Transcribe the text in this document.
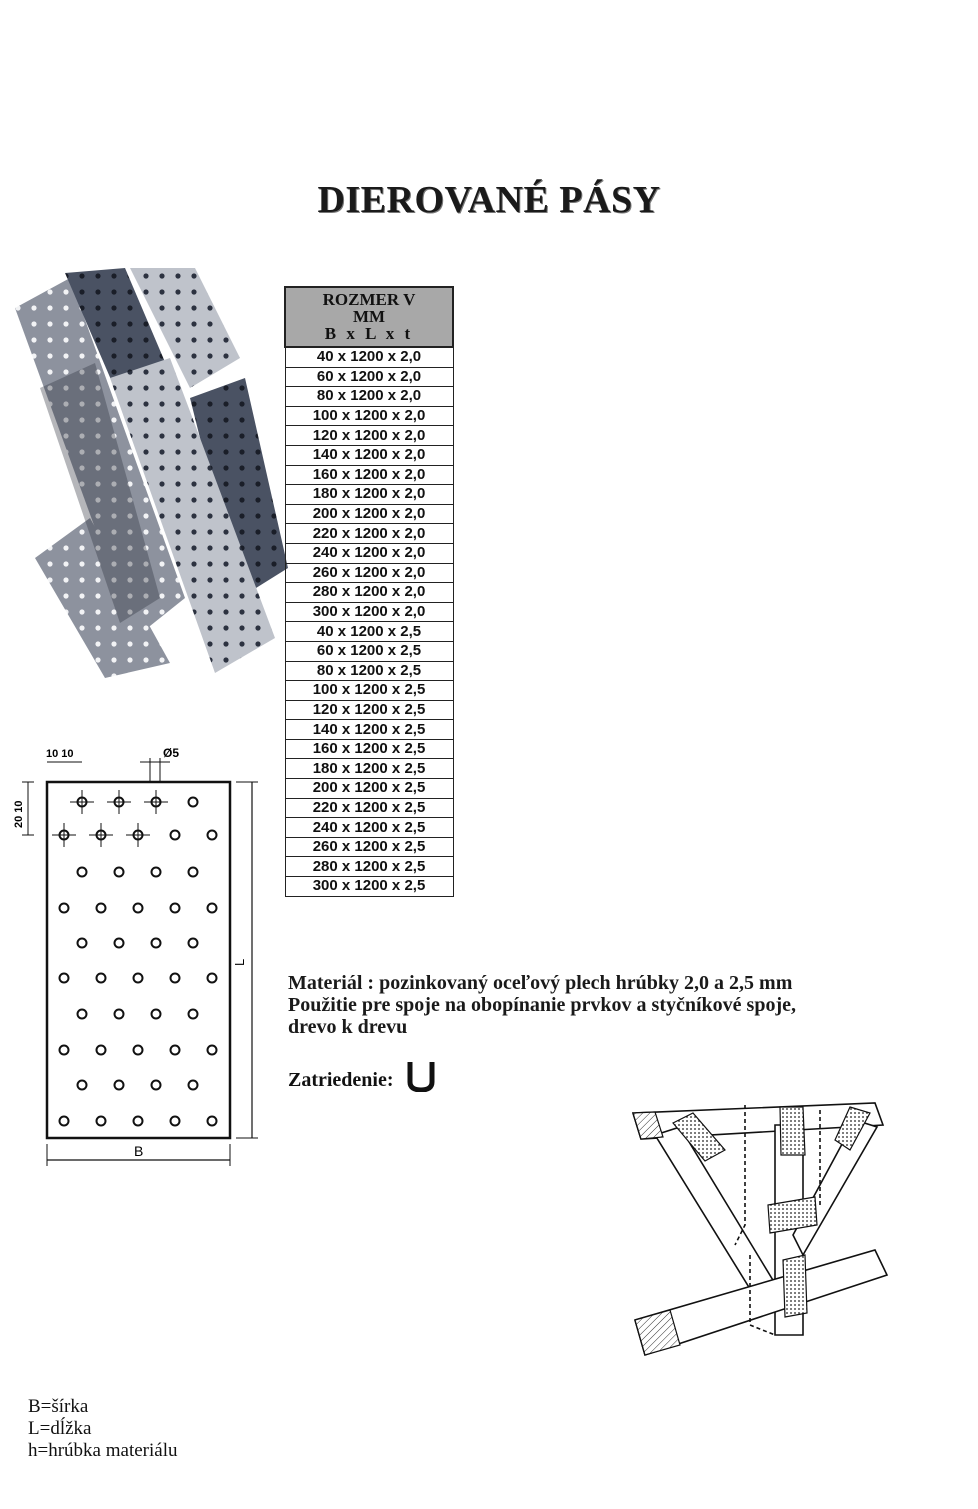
DIEROVANÉ PÁSY
ROZMER V
MM
B x L x t

40 x 1200 x 2,0
60 x 1200 x 2,0
80 x 1200 x 2,0
100 x 1200 x 2,0
120 x 1200 x 2,0
140 x 1200 x 2,0
160 x 1200 x 2,0
180 x 1200 x 2,0
200 x 1200 x 2,0
220 x 1200 x 2,0
240 x 1200 x 2,0
260 x 1200 x 2,0
280 x 1200 x 2,0
300 x 1200 x 2,0
40 x 1200 x 2,5
60 x 1200 x 2,5
80 x 1200 x 2,5
100 x 1200 x 2,5
120 x 1200 x 2,5
140 x 1200 x 2,5
160 x 1200 x 2,5
180 x 1200 x 2,5
200 x 1200 x 2,5
220 x 1200 x 2,5
240 x 1200 x 2,5
260 x 1200 x 2,5
280 x 1200 x 2,5
300 x 1200 x 2,5
L
B
10 10	Ø5
20 10

Materiál : pozinkovaný oceľový plech hrúbky 2,0 a 2,5 mm

Použitie pre spoje na obopínanie prvkov a styčníkové spoje,

drevo k drevu

Zatriedenie:
B=šírka
L=dĺžka
h=hrúbka materiálu
